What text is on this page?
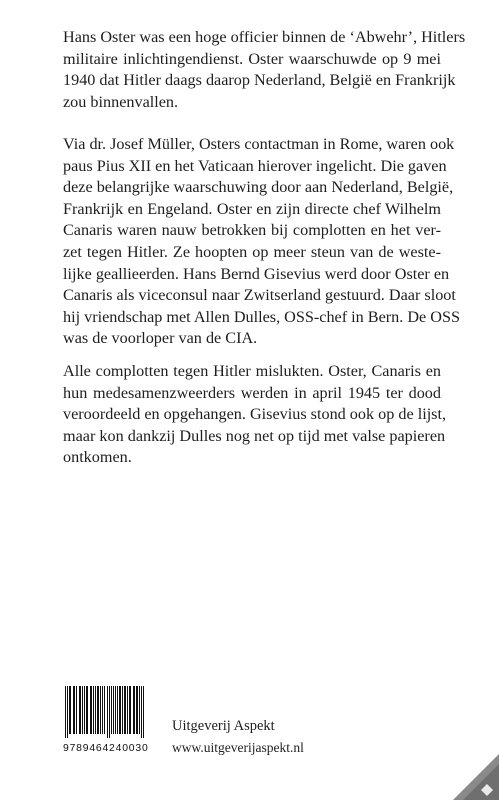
Hans Oster was een hoge officier binnen de ‘Abwehr’, Hitlers
militaire inlichtingendienst. Oster waarschuwde op 9 mei
1940 dat Hitler daags daarop Nederland, België en Frankrijk
zou binnenvallen.
Via dr. Josef Müller, Osters contactman in Rome, waren ook
paus Pius XII en het Vaticaan hierover ingelicht. Die gaven
deze belangrijke waarschuwing door aan Nederland, België,
Frankrijk en Engeland. Oster en zijn directe chef Wilhelm
Canaris waren nauw betrokken bij complotten en het ver-
zet tegen Hitler. Ze hoopten op meer steun van de weste-
lijke geallieerden. Hans Bernd Gisevius werd door Oster en
Canaris als viceconsul naar Zwitserland gestuurd. Daar sloot
hij vriendschap met Allen Dulles, OSS-chef in Bern. De OSS
was de voorloper van de CIA.
Alle complotten tegen Hitler mislukten. Oster, Canaris en
hun medesamenzweerders werden in april 1945 ter dood
veroordeeld en opgehangen. Gisevius stond ook op de lijst,
maar kon dankzij Dulles nog net op tijd met valse papieren
ontkomen.
9789464240030
Uitgeverij Aspekt
www.uitgeverijaspekt.nl
